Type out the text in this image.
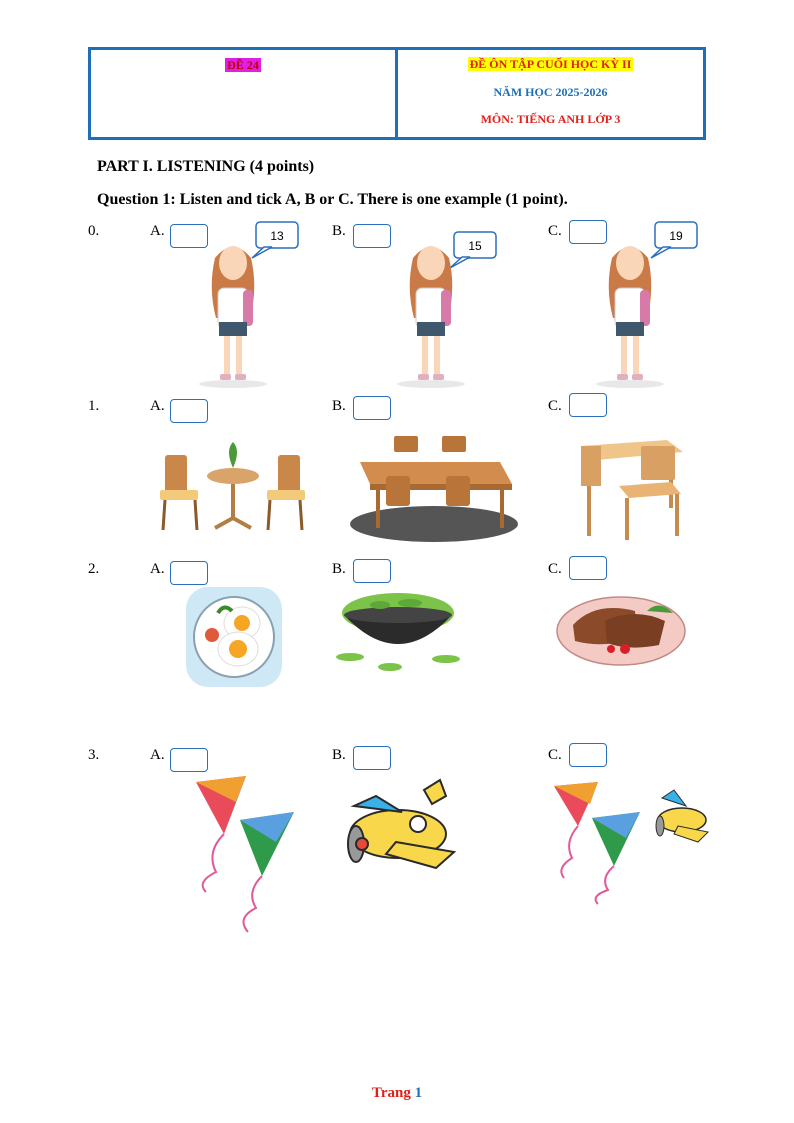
ĐỀ 24	ĐỀ ÔN TẬP CUỐI HỌC KỲ II
NĂM HỌC 2025-2026
MÔN: TIẾNG ANH LỚP 3
PART I. LISTENING (4 points)
Question 1: Listen and tick A, B or C. There is one example (1 point).
0.	A.	B.	C.
13
15
19
1.	A.	B.	C.
2.	A.	B.	C.
3.	A.	B.	C.
Trang 1
